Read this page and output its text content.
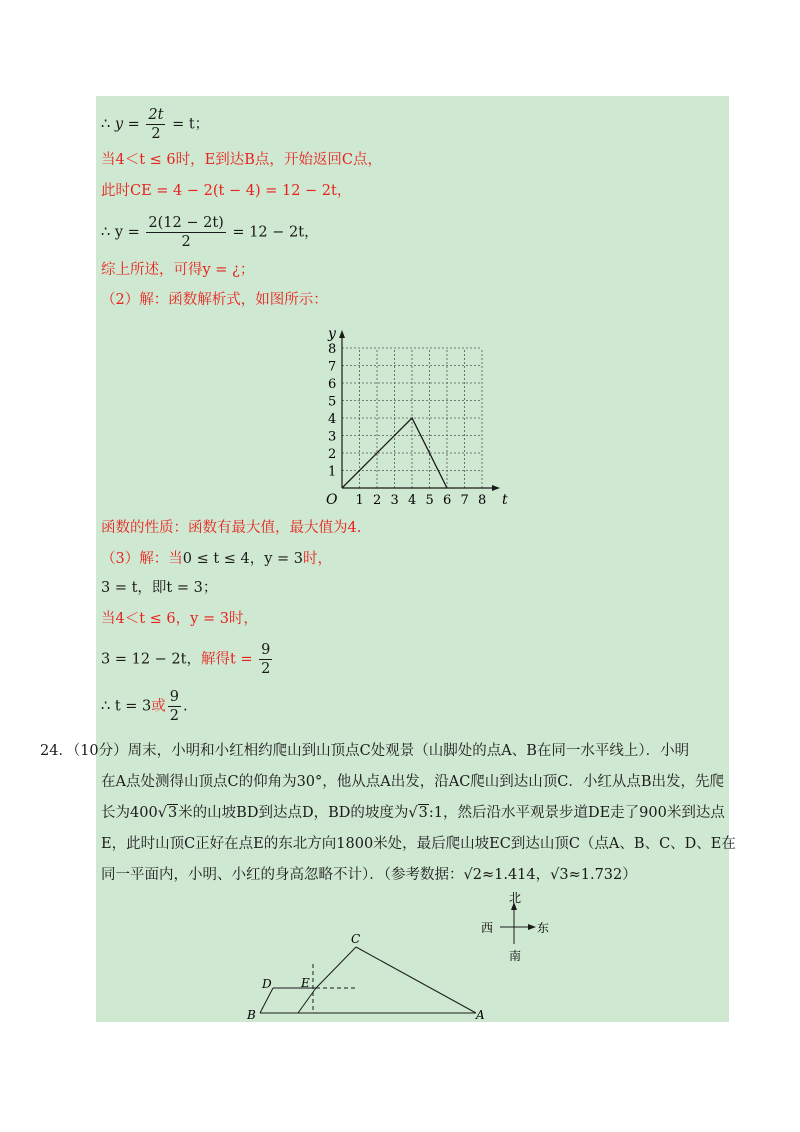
∴ $y = \frac{2t}{2} = t$；
当4＜t ≤ 6时，E到达B点，开始返回C点，
此时CE = 4 − 2(t − 4) = 12 − 2t，
∴ $y = \frac{2(12 - 2t)}{2} = 12 - 2t$，
综上所述，可得y = ¿；
（2）解：函数解析式，如图所示：
1 2 3 4 5 6 7 8
1
2
3
4
5
6
7
8
t
y
O
函数的性质：函数有最大值，最大值为4.
（3）解：当0 ≤ t ≤ 4，y = 3时，
3 = t，即t = 3；
当4＜t ≤ 6，y = 3时，
3 = 12 − 2t，解得$t = \frac{9}{2}$
∴ t = 3或 $\frac{9}{2}$ .
24．（10分）周末，小明和小红相约爬山到山顶点C处观景（山脚处的点A、B在同一水平线上）．小明
在A点处测得山顶点C的仰角为30°，他从点A出发，沿AC爬山到达山顶C．小红从点B出发，先爬
长为400√3米的山坡BD到达点D，BD的坡度为√3:1，然后沿水平观景步道DE走了900米到达点
E，此时山顶C正好在点E的东北方向1800米处，最后爬山坡EC到达山顶C（点A、B、C、D、E在
同一平面内，小明、小红的身高忽略不计）．（参考数据：√2≈1.414，√3≈1.732）
北
西	东
南
C
D E
B	A
